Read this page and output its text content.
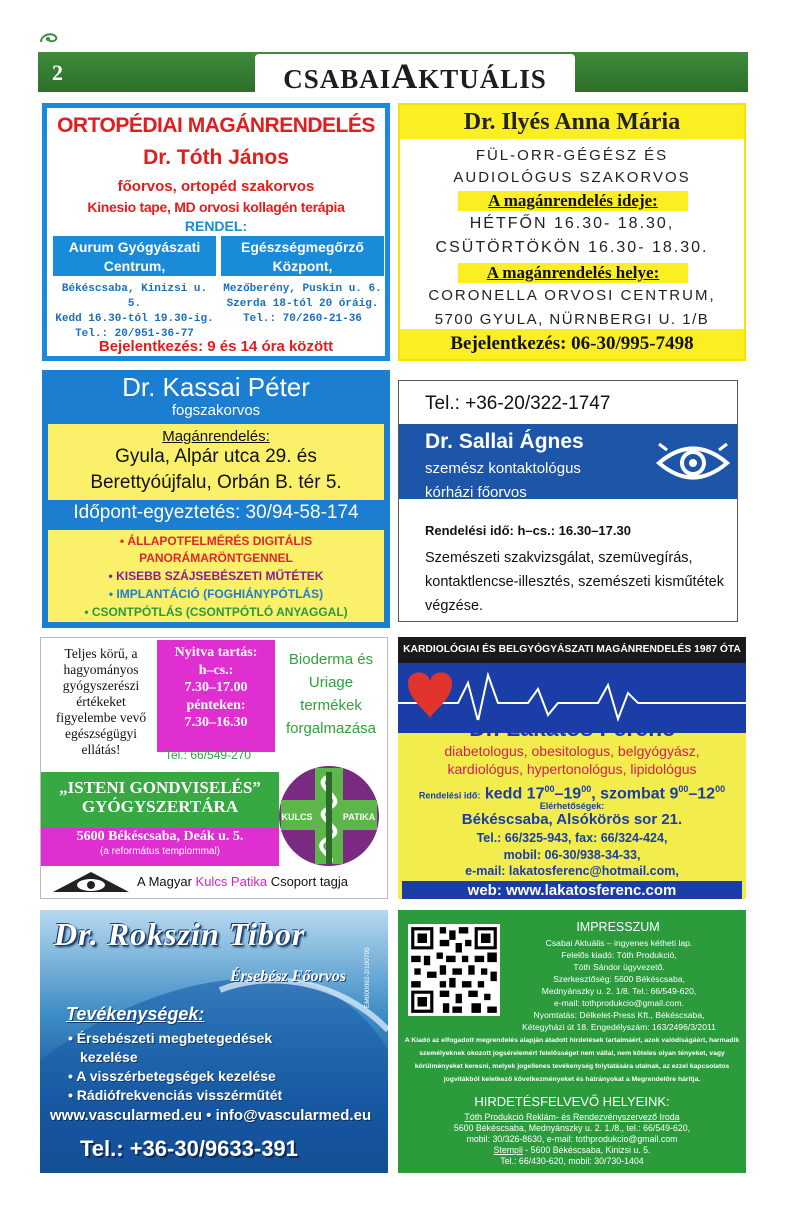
2	CSABAIAKTUÁLIS
ORTOPÉDIAI MAGÁNRENDELÉS
Dr. Tóth János
főorvos, ortopéd szakorvos
Kinesio tape, MD orvosi kollagén terápia
RENDEL:
Aurum Gyógyászati Centrum,
Egészségmegőrző Központ,
Békéscsaba, Kinizsi u. 5.
Kedd 16.30-tól 19.30-ig.
Tel.: 20/951-36-77
Mezőberény, Puskin u. 6.
Szerda 18-tól 20 óráig.
Tel.: 70/260-21-36
Bejelentkezés: 9 és 14 óra között
Dr. Ilyés Anna Mária
FÜL-ORR-GÉGÉSZ ÉS
AUDIOLÓGUS SZAKORVOS
A magánrendelés ideje:
HÉTFŐN 16.30- 18.30,
CSÜTÖRTÖKÖN 16.30- 18.30.
A magánrendelés helye:
CORONELLA ORVOSI CENTRUM,
5700 GYULA, NÜRNBERGI U. 1/B
Bejelentkezés: 06-30/995-7498
Dr. Kassai Péter
fogszakorvos
Magánrendelés:
Gyula, Alpár utca 29. és
Berettyóújfalu, Orbán B. tér 5.
Időpont-egyeztetés: 30/94-58-174
• ÁLLAPOTFELMÉRÉS DIGITÁLIS
PANORÁMARÖNTGENNEL
• KISEBB SZÁJSEBÉSZETI MŰTÉTEK
• IMPLANTÁCIÓ (FOGHIÁNYPÓTLÁS)
• CSONTPÓTLÁS (CSONTPÓTLÓ ANYAGGAL)
Tel.: +36-20/322-1747
Dr. Sallai Ágnes
szemész kontaktológus
kórházi főorvos
Rendelési idő: h–cs.: 16.30–17.30
Szemészeti szakvizsgálat, szemüvegírás, kontaktlencse-illesztés, szemészeti kisműtétek végzése.
Teljes körű, a hagyományos gyógyszerészi értékeket figyelembe vevő egészségügyi ellátás!
Nyitva tartás:
h–cs.:
7.30–17.00
pénteken:
7.30–16.30
Tel.: 66/549-270
Bioderma és Uriage termékek forgalmazása
„ISTENI GONDVISELÉS”
GYÓGYSZERTÁRA
5600 Békéscsaba, Deák u. 5.
(a református templommal)
KULCS	PATIKA
A Magyar Kulcs Patika Csoport tagja
KARDIOLÓGIAI ÉS BELGYÓGYÁSZATI MAGÁNRENDELÉS 1987 ÓTA
Dr. Lakatos Ferenc
diabetologus, obesitologus, belgyógyász,
kardiológus, hypertonológus, lipidológus
Rendelési idő: kedd $17^{00}-19^{00}$, szombat $9^{00}-12^{00}$
Elérhetőségek:
Békéscsaba, Alsókörös sor 21.
Tel.: 66/325-943, fax: 66/324-424,
mobil: 06-30/938-34-33,
e-mail: lakatosferenc@hotmail.com,
web: www.lakatosferenc.com
Dr. Rokszin Tibor
Érsebész Főorvos
Tevékenységek:
• Érsebészeti megbetegedések
kezelése
• A visszérbetegségek kezelése
• Rádiófrekvenciás visszérműtét
www.vascularmed.eu • info@vascularmed.eu
Tel.: +36-30/9633-391
EM000082-2/100795
IMPRESSZUM
Csabai Aktuális – ingyenes kétheti lap.
Felelős kiadó: Tóth Produkció,
Tóth Sándor ügyvezető.
Szerkesztőség: 5600 Békéscsaba,
Mednyánszky u. 2. 1/8. Tel.: 66/549-620,
e-mail: tothprodukcio@gmail.com.
Nyomtatás: Délkelet-Press Kft., Békéscsaba,
Kétegyházi út 18. Engedélyszám: 163/2496/3/2011
A Kiadó az elfogadott megrendelés alapján átadott hirdetések tartalmáért, azok valódiságáért, harmadik személyeknek okozott jogsérelemért felelősséget nem vállal, nem köteles olyan tényeket, vagy körülményeket keresni, melyek jogellenes tevékenység folytatására utalnak, az ezzel kapcsolatos jogvitákból keletkező következményeket és hátrányokat a Megrendelőre hárítja.
HIRDETÉSFELVEVŐ HELYEINK:
Tóth Produkció Reklám- és Rendezvényszervező Iroda
5600 Békéscsaba, Mednyánszky u. 2. 1./8., tel.: 66/549-620,
mobil: 30/326-8630, e-mail: tothprodukcio@gmail.com
Stempli - 5600 Békéscsaba, Kinizsi u. 5.
Tel.: 66/430-620, mobil: 30/730-1404
